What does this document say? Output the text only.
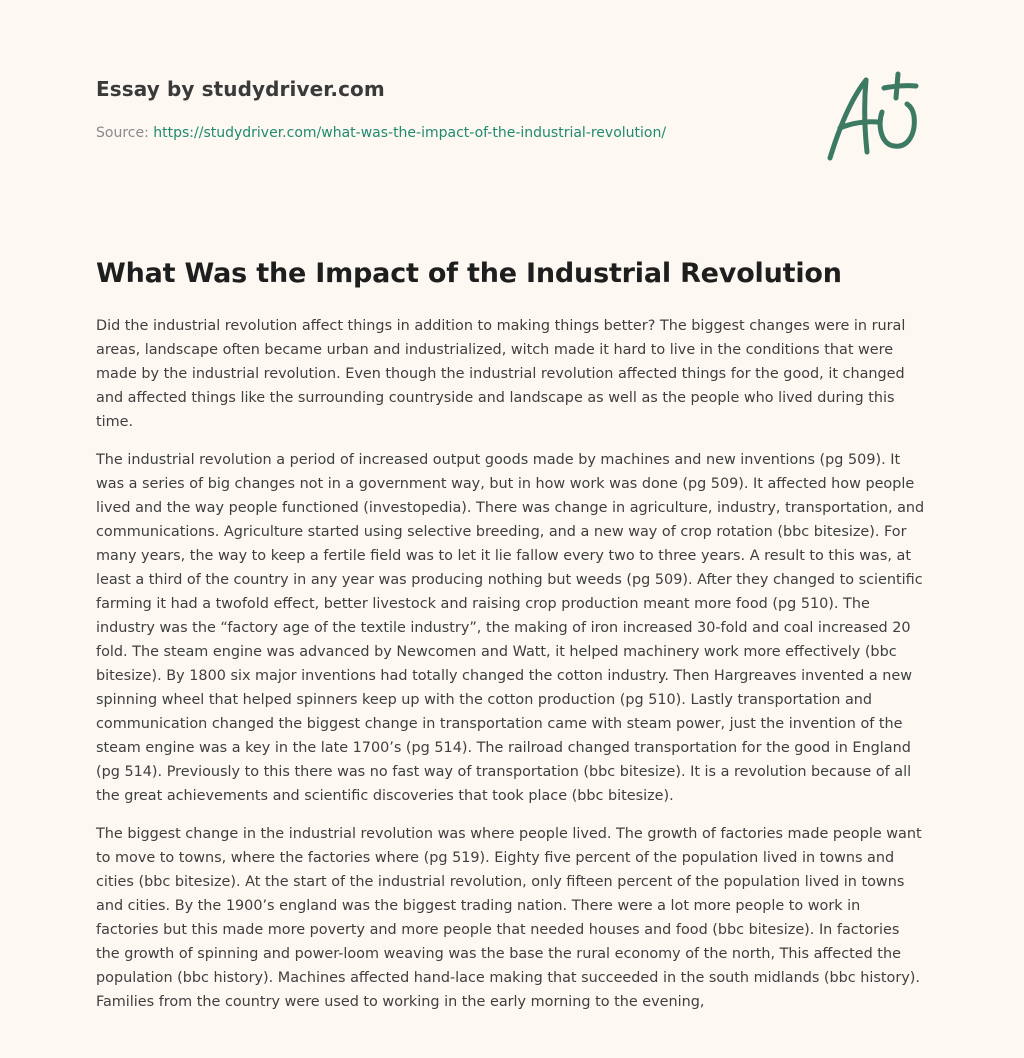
Essay by studydriver.com
Source: https://studydriver.com/what-was-the-impact-of-the-industrial-revolution/
What Was the Impact of the Industrial Revolution

Did the industrial revolution affect things in addition to making things better? The biggest changes were in rural areas, landscape often became urban and industrialized, witch made it hard to live in the conditions that were made by the industrial revolution. Even though the industrial revolution affected things for the good, it changed and affected things like the surrounding countryside and landscape as well as the people who lived during this time.

The industrial revolution a period of increased output goods made by machines and new inventions (pg 509). It was a series of big changes not in a government way, but in how work was done (pg 509). It affected how people lived and the way people functioned (investopedia). There was change in agriculture, industry, transportation, and communications. Agriculture started using selective breeding, and a new way of crop rotation (bbc bitesize). For many years, the way to keep a fertile field was to let it lie fallow every two to three years. A result to this was, at least a third of the country in any year was producing nothing but weeds (pg 509). After they changed to scientific farming it had a twofold effect, better livestock and raising crop production meant more food (pg 510). The industry was the “factory age of the textile industry”, the making of iron increased 30-fold and coal increased 20 fold. The steam engine was advanced by Newcomen and Watt, it helped machinery work more effectively (bbc bitesize). By 1800 six major inventions had totally changed the cotton industry. Then Hargreaves invented a new spinning wheel that helped spinners keep up with the cotton production (pg 510). Lastly transportation and communication changed the biggest change in transportation came with steam power, just the invention of the steam engine was a key in the late 1700’s (pg 514). The railroad changed transportation for the good in England (pg 514). Previously to this there was no fast way of transportation (bbc bitesize). It is a revolution because of all the great achievements and scientific discoveries that took place (bbc bitesize).

The biggest change in the industrial revolution was where people lived. The growth of factories made people want to move to towns, where the factories where (pg 519). Eighty five percent of the population lived in towns and cities (bbc bitesize). At the start of the industrial revolution, only fifteen percent of the population lived in towns and cities. By the 1900’s england was the biggest trading nation. There were a lot more people to work in factories but this made more poverty and more people that needed houses and food (bbc bitesize). In factories the growth of spinning and power-loom weaving was the base the rural economy of the north, This affected the population (bbc history). Machines affected hand-lace making that succeeded in the south midlands (bbc history). Families from the country were used to working in the early morning to the evening,
